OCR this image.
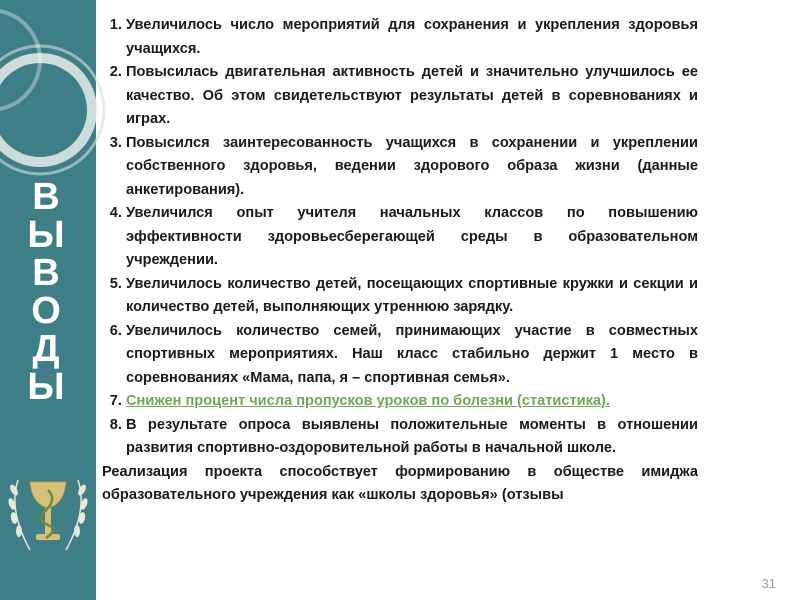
В
Ы
В
О
Д
Ы
1. Увеличилось число мероприятий для сохранения и укрепления здоровья учащихся.
2. Повысилась двигательная активность детей и значительно улучшилось ее качество. Об этом свидетельствуют результаты детей в соревнованиях и играх.
3. Повысился заинтересованность учащихся в сохранении и укреплении собственного здоровья, ведении здорового образа жизни (данные анкетирования).
4. Увеличился опыт учителя начальных классов по повышению эффективности здоровьесберегающей среды в образовательном учреждении.
5. Увеличилось количество детей, посещающих спортивные кружки и секции и количество детей, выполняющих утреннюю зарядку.
6. Увеличилось количество семей, принимающих участие в совместных спортивных мероприятиях. Наш класс стабильно держит 1 место в соревнованиях «Мама, папа, я – спортивная семья».
7. Снижен процент числа пропусков уроков по болезни (статистика).
8. В результате опроса выявлены положительные моменты в отношении развития спортивно-оздоровительной работы в начальной школе.

Реализация проекта способствует формированию в обществе имиджа образовательного учреждения как «школы здоровья» (отзывы

31
